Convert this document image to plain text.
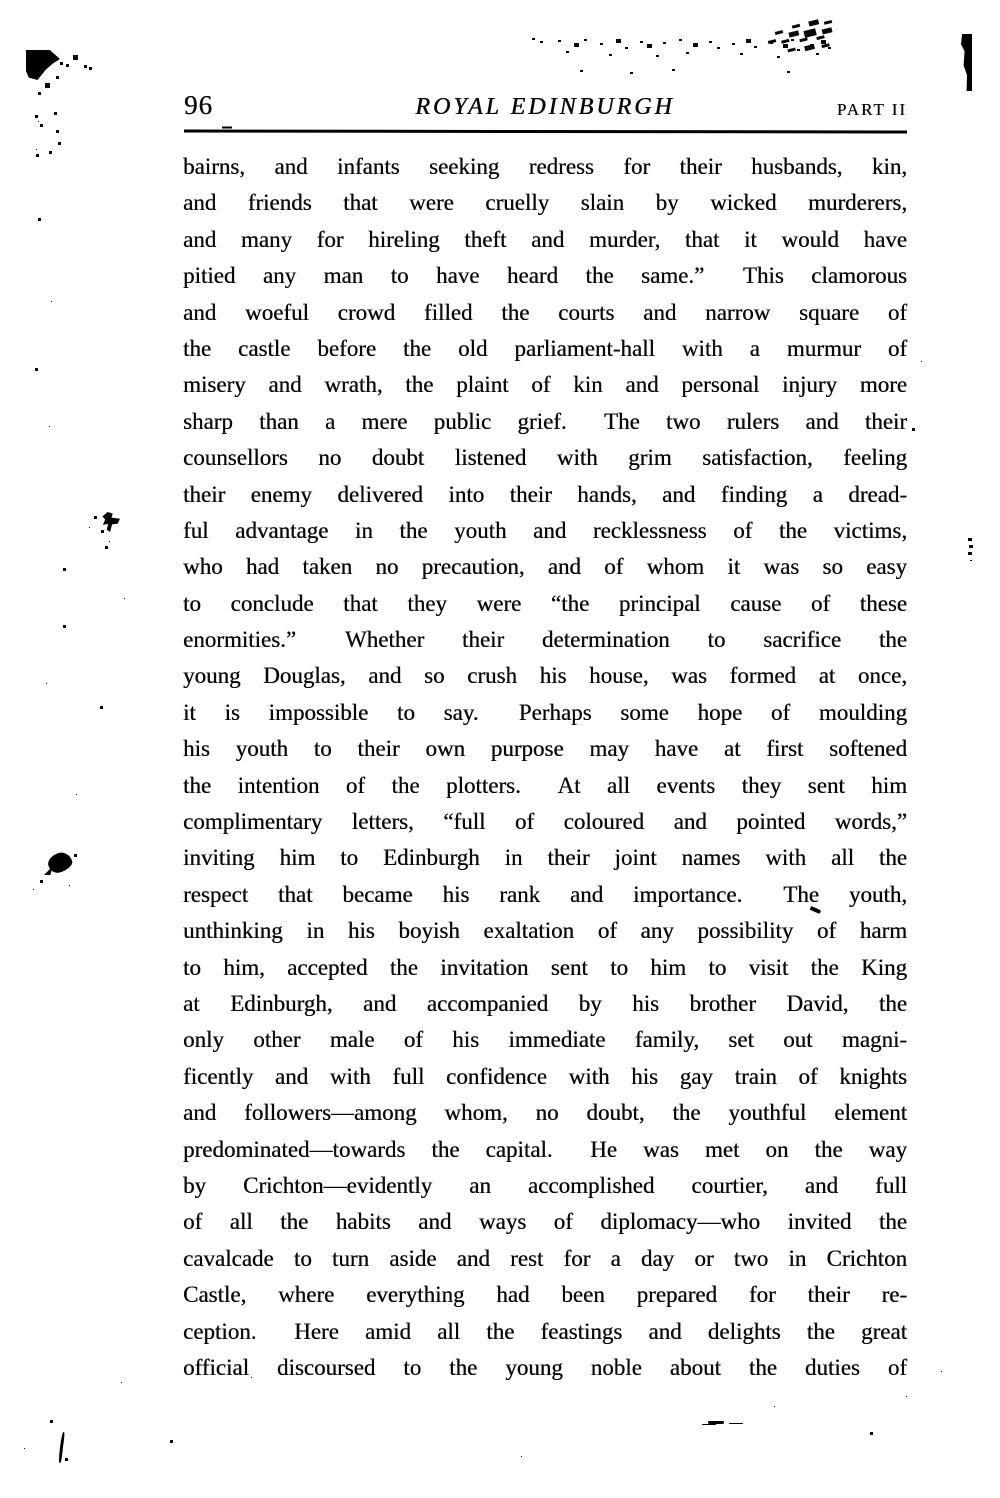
96	ROYAL EDINBURGH	PART II
bairns, and infants seeking redress for their husbands, kin,
and friends that were cruelly slain by wicked murderers,
and many for hireling theft and murder, that it would have
pitied any man to have heard the same.”  This clamorous
and woeful crowd filled the courts and narrow square of
the castle before the old parliament-hall with a murmur of
misery and wrath, the plaint of kin and personal injury more
sharp than a mere public grief.  The two rulers and their
counsellors no doubt listened with grim satisfaction, feeling
their enemy delivered into their hands, and finding a dread-
ful advantage in the youth and recklessness of the victims,
who had taken no precaution, and of whom it was so easy
to conclude that they were “the principal cause of these
enormities.”  Whether their determination to sacrifice the
young Douglas, and so crush his house, was formed at once,
it is impossible to say.  Perhaps some hope of moulding
his youth to their own purpose may have at first softened
the intention of the plotters.  At all events they sent him
complimentary letters, “full of coloured and pointed words,”
inviting him to Edinburgh in their joint names with all the
respect that became his rank and importance.  The youth,
unthinking in his boyish exaltation of any possibility of harm
to him, accepted the invitation sent to him to visit the King
at Edinburgh, and accompanied by his brother David, the
only other male of his immediate family, set out magni-
ficently and with full confidence with his gay train of knights
and followers—among whom, no doubt, the youthful element
predominated—towards the capital.  He was met on the way
by Crichton—evidently an accomplished courtier, and full
of all the habits and ways of diplomacy—who invited the
cavalcade to turn aside and rest for a day or two in Crichton
Castle, where everything had been prepared for their re-
ception.  Here amid all the feastings and delights the great
official discoursed to the young noble about the duties of
